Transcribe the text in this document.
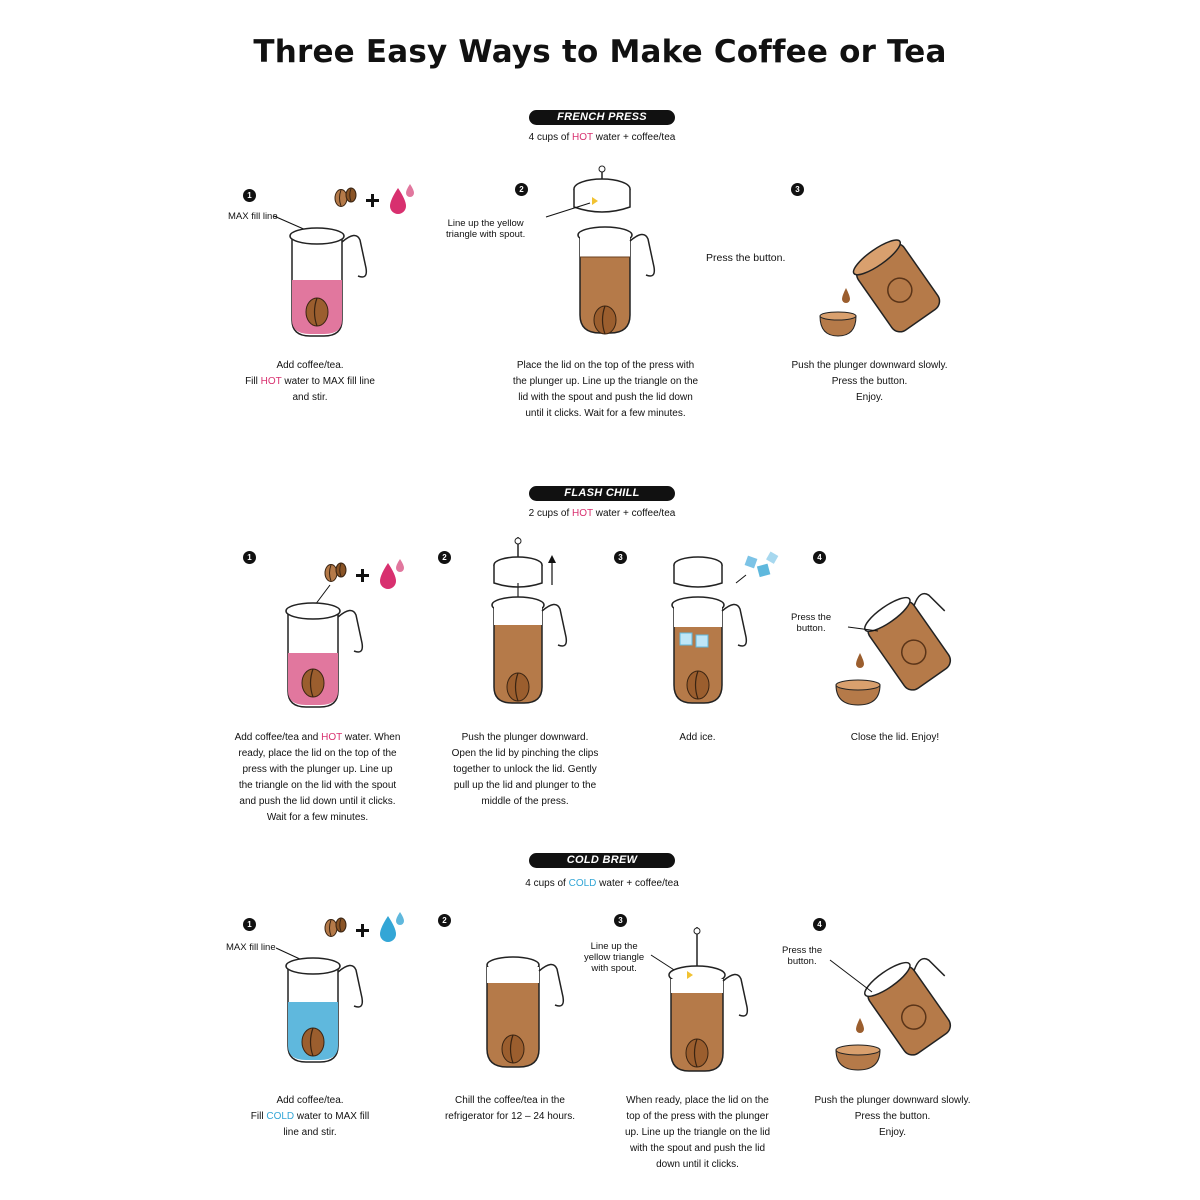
Three Easy Ways to Make Coffee or Tea
FRENCH PRESS
4 cups of HOT water + coffee/tea
1
MAX fill line
Add coffee/tea.
Fill HOT water to MAX fill line
and stir.
2
Line up the yellow
triangle with spout.
Place the lid on the top of the press with
the plunger up. Line up the triangle on the
lid with the spout and push the lid down
until it clicks. Wait for a few minutes.
3
Press the button.
Push the plunger downward slowly.
Press the button.
Enjoy.
FLASH CHILL
2 cups of HOT water + coffee/tea
1
Add coffee/tea and HOT water. When
ready, place the lid on the top of the
press with the plunger up. Line up
the triangle on the lid with the spout
and push the lid down until it clicks.
Wait for a few minutes.
2
Push the plunger downward.
Open the lid by pinching the clips
together to unlock the lid. Gently
pull up the lid and plunger to the
middle of the press.
3
Add ice.
4
Press the
button.
Close the lid. Enjoy!
COLD BREW
4 cups of COLD water + coffee/tea
1
MAX fill line
Add coffee/tea.
Fill COLD water to MAX fill
line and stir.
2
Chill the coffee/tea in the
refrigerator for 12 – 24 hours.
3
Line up the
yellow triangle
with spout.
When ready, place the lid on the
top of the press with the plunger
up. Line up the triangle on the lid
with the spout and push the lid
down until it clicks.
4
Press the
button.
Push the plunger downward slowly.
Press the button.
Enjoy.
